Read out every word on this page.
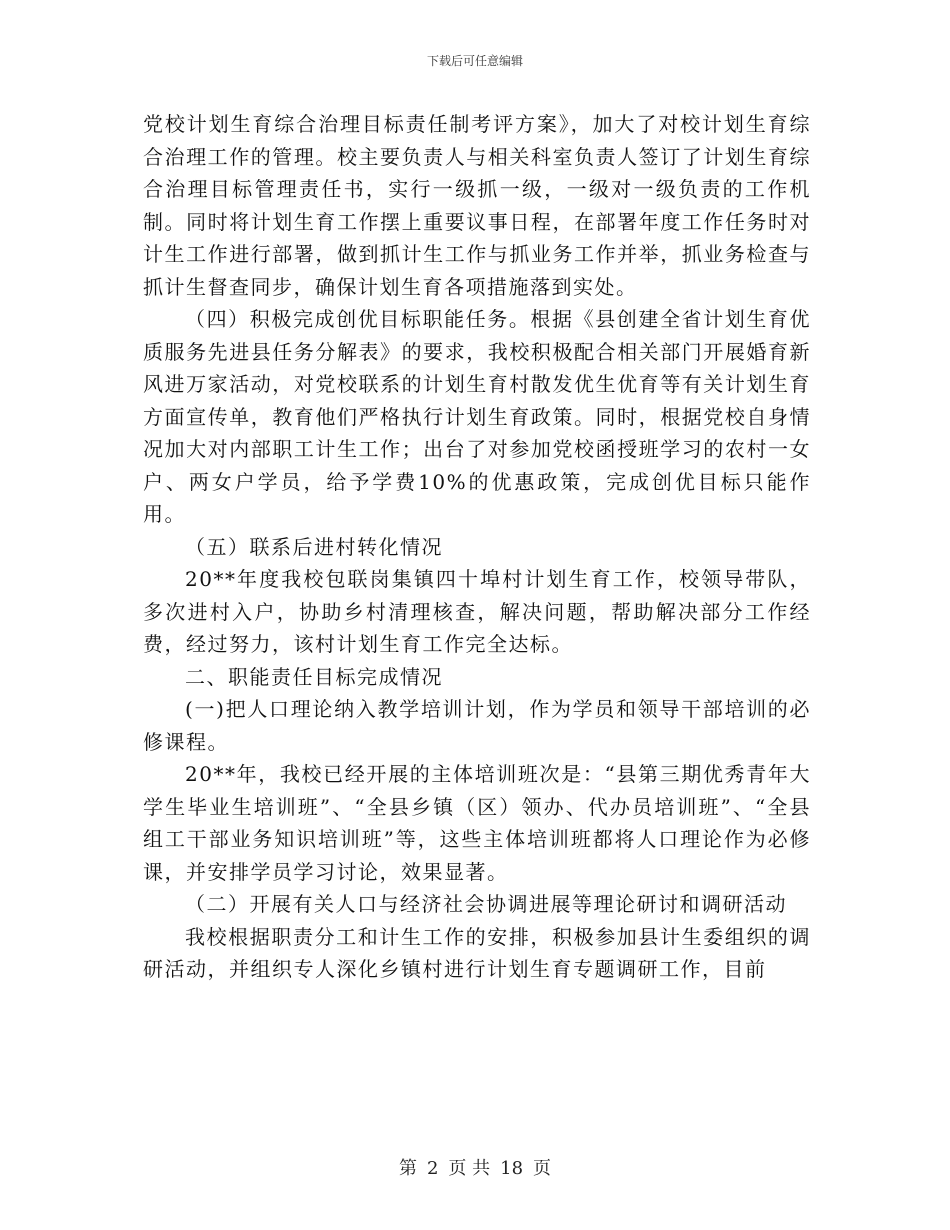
下载后可任意编辑

党校计划生育综合治理目标责任制考评方案》，加大了对校计划生育综合治理工作的管理。校主要负责人与相关科室负责人签订了计划生育综合治理目标管理责任书，实行一级抓一级，一级对一级负责的工作机制。同时将计划生育工作摆上重要议事日程，在部署年度工作任务时对计生工作进行部署，做到抓计生工作与抓业务工作并举，抓业务检查与抓计生督查同步，确保计划生育各项措施落到实处。

（四）积极完成创优目标职能任务。根据《县创建全省计划生育优质服务先进县任务分解表》的要求，我校积极配合相关部门开展婚育新风进万家活动，对党校联系的计划生育村散发优生优育等有关计划生育方面宣传单，教育他们严格执行计划生育政策。同时，根据党校自身情况加大对内部职工计生工作；出台了对参加党校函授班学习的农村一女户、两女户学员，给予学费10%的优惠政策，完成创优目标只能作用。

（五）联系后进村转化情况

20**年度我校包联岗集镇四十埠村计划生育工作，校领导带队，多次进村入户，协助乡村清理核查，解决问题，帮助解决部分工作经费，经过努力，该村计划生育工作完全达标。

二、职能责任目标完成情况

(一)把人口理论纳入教学培训计划，作为学员和领导干部培训的必修课程。

20**年，我校已经开展的主体培训班次是：“县第三期优秀青年大学生毕业生培训班”、“全县乡镇（区）领办、代办员培训班”、“全县组工干部业务知识培训班”等，这些主体培训班都将人口理论作为必修课，并安排学员学习讨论，效果显著。

（二）开展有关人口与经济社会协调进展等理论研讨和调研活动

我校根据职责分工和计生工作的安排，积极参加县计生委组织的调研活动，并组织专人深化乡镇村进行计划生育专题调研工作，目前

第 2 页 共 18 页
